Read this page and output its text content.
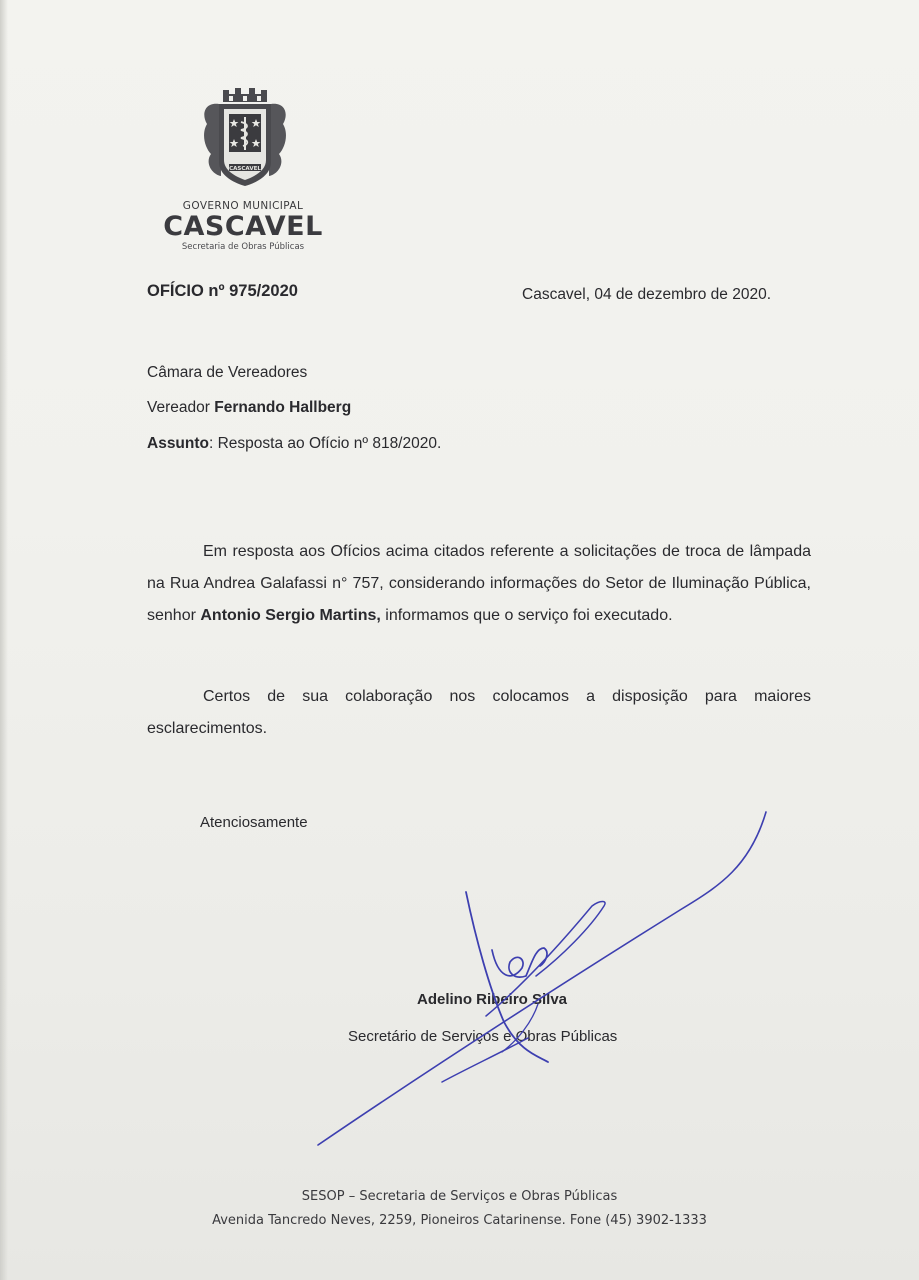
CASCAVEL
GOVERNO MUNICIPAL
CASCAVEL
Secretaria de Obras Públicas
OFÍCIO nº 975/2020	Cascavel, 04 de dezembro de 2020.
Câmara de Vereadores
Vereador Fernando Hallberg
Assunto: Resposta ao Ofício nº 818/2020.
Em resposta aos Ofícios acima citados referente a solicitações de troca de lâmpada na Rua Andrea Galafassi n° 757, considerando informações do Setor de Iluminação Pública, senhor Antonio Sergio Martins, informamos que o serviço foi executado.
Certos de sua colaboração nos colocamos a disposição para maiores esclarecimentos.
Atenciosamente
Adelino Ribeiro Silva
Secretário de Serviços e Obras Públicas
SESOP – Secretaria de Serviços e Obras Públicas
Avenida Tancredo Neves, 2259, Pioneiros Catarinense. Fone (45) 3902-1333
